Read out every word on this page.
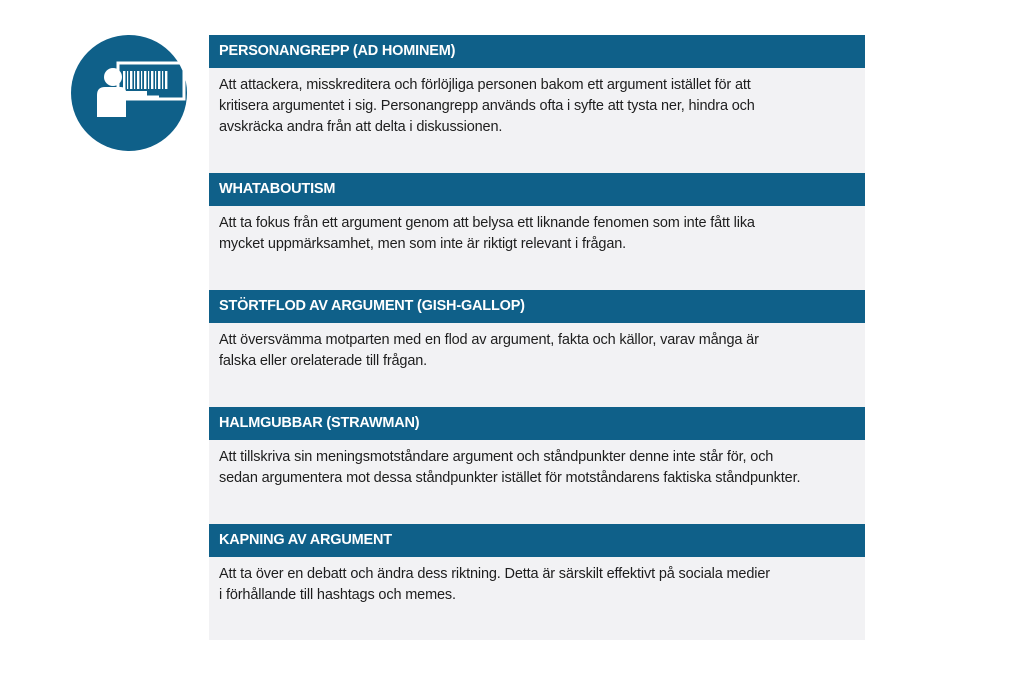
PERSONANGREPP (AD HOMINEM)
Att attackera, misskreditera och förlöjliga personen bakom ett argument istället för att
kritisera argumentet i sig. Personangrepp används ofta i syfte att tysta ner, hindra och
avskräcka andra från att delta i diskussionen.
WHATABOUTISM
Att ta fokus från ett argument genom att belysa ett liknande fenomen som inte fått lika
mycket uppmärksamhet, men som inte är riktigt relevant i frågan.
STÖRTFLOD AV ARGUMENT (GISH-GALLOP)
Att översvämma motparten med en flod av argument, fakta och källor, varav många är
falska eller orelaterade till frågan.
HALMGUBBAR (STRAWMAN)
Att tillskriva sin meningsmotståndare argument och ståndpunkter denne inte står för, och
sedan argumentera mot dessa ståndpunkter istället för motståndarens faktiska ståndpunkter.
KAPNING AV ARGUMENT
Att ta över en debatt och ändra dess riktning. Detta är särskilt effektivt på sociala medier
i förhållande till hashtags och memes.
